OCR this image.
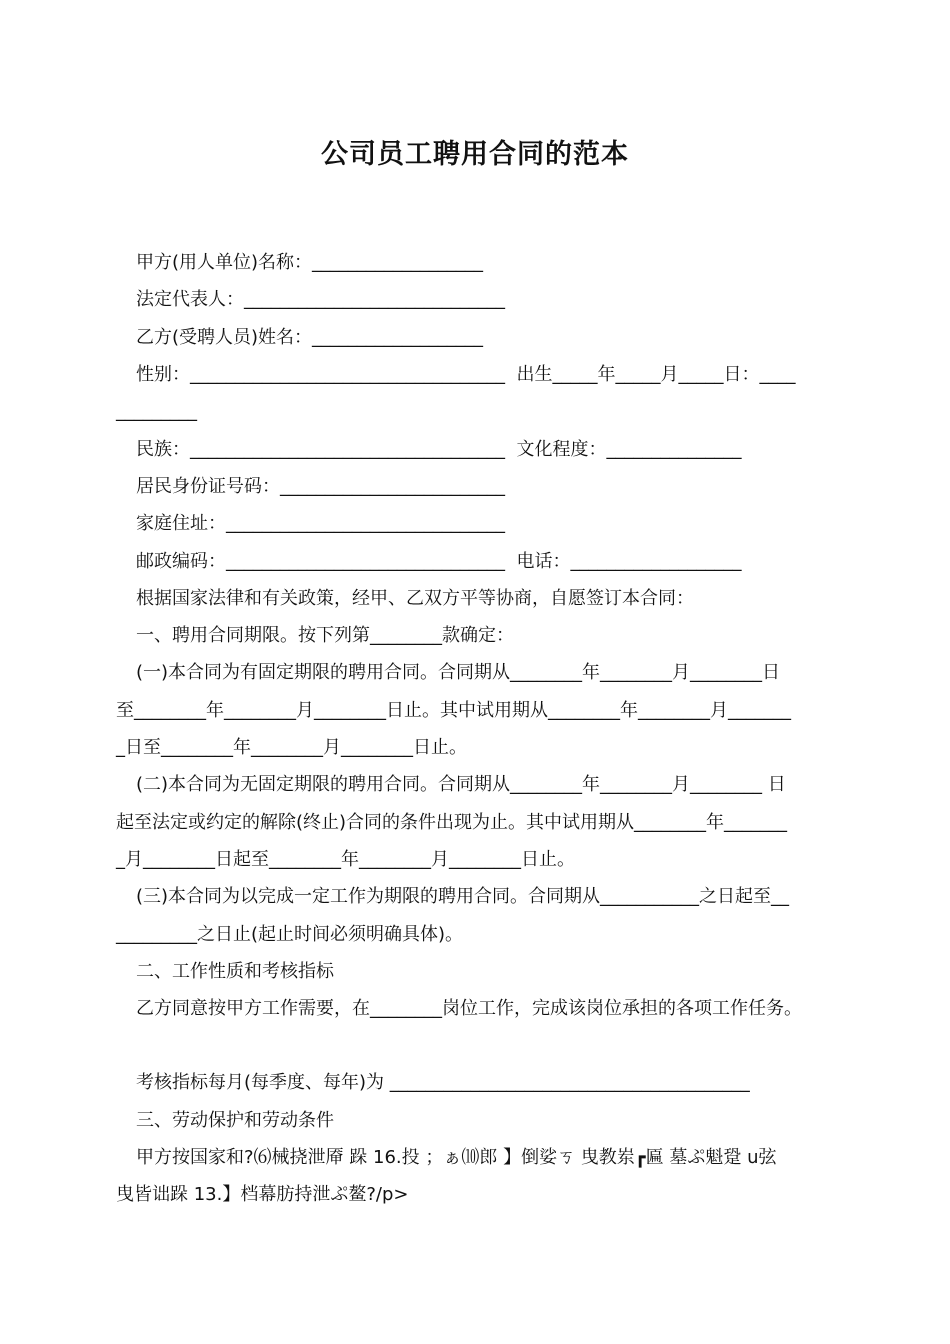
公司员工聘用合同的范本
甲方(用人单位)名称：___________________
法定代表人：_____________________________
乙方(受聘人员)姓名：___________________
性别：___________________________________  出生_____年_____月_____日：____
_________
民族：___________________________________  文化程度：_______________
居民身份证号码：_________________________
家庭住址：_______________________________
邮政编码：_______________________________  电话：___________________
根据国家法律和有关政策，经甲、乙双方平等协商，自愿签订本合同：
一、聘用合同期限。按下列第________款确定：
(一)本合同为有固定期限的聘用合同。合同期从________年________月________日
至________年________月________日止。其中试用期从________年________月_______
_日至________年________月________日止。
(二)本合同为无固定期限的聘用合同。合同期从________年________月________ 日
起至法定或约定的解除(终止)合同的条件出现为止。其中试用期从________年_______
_月________日起至________年________月________日止。
(三)本合同为以完成一定工作为期限的聘用合同。合同期从___________之日起至__
_________之日止(起止时间必须明确具体)。
二、工作性质和考核指标
乙方同意按甲方工作需要，在________岗位工作，完成该岗位承担的各项工作任务。
考核指标每月(每季度、每年)为 ________________________________________
三、劳动保护和劳动条件
甲方按国家和?⑹械挠泄厣 跺 16.投 ；ぁ⑽郎 】倒娑ㄎ 曳教岽┏匾 墓ぷ魁跫 u弦
曳皆诎跺 13.】档幕肪持泄ぷ鳌?/p>
